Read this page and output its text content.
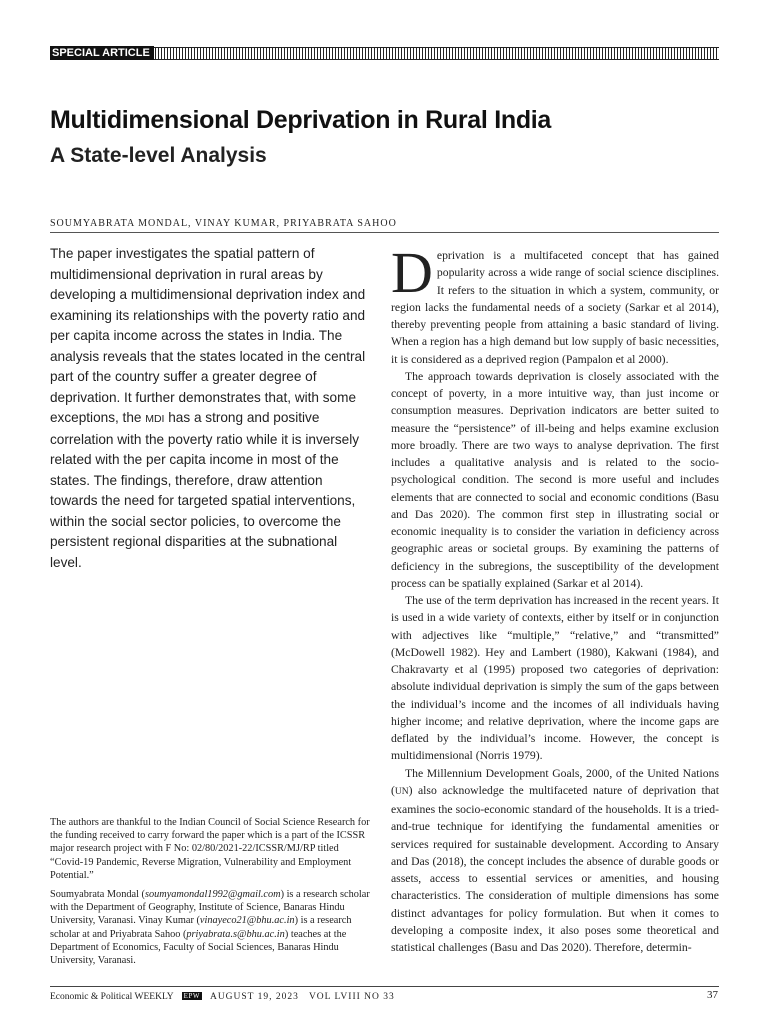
SPECIAL ARTICLE
Multidimensional Deprivation in Rural India
A State-level Analysis
SOUMYABRATA MONDAL, VINAY KUMAR, PRIYABRATA SAHOO

The paper investigates the spatial pattern of multidimensional deprivation in rural areas by developing a multidimensional deprivation index and examining its relationships with the poverty ratio and per capita income across the states in India. The analysis reveals that the states located in the central part of the country suffer a greater degree of deprivation. It further demonstrates that, with some exceptions, the MDI has a strong and positive correlation with the poverty ratio while it is inversely related with the per capita income in most of the states. The findings, therefore, draw attention towards the need for targeted spatial interventions, within the social sector policies, to overcome the persistent regional disparities at the subnational level.

The authors are thankful to the Indian Council of Social Science Research for the funding received to carry forward the paper which is a part of the ICSSR major research project with F No: 02/80/2021-22/ICSSR/MJ/RP titled “Covid-19 Pandemic, Reverse Migration, Vulnerability and Employment Potential.”

Soumyabrata Mondal (soumyamondal1992@gmail.com) is a research scholar with the Department of Geography, Institute of Science, Banaras Hindu University, Varanasi. Vinay Kumar (vinayeco21@bhu.ac.in) is a research scholar at and Priyabrata Sahoo (priyabrata.s@bhu.ac.in) teaches at the Department of Economics, Faculty of Social Sciences, Banaras Hindu University, Varanasi.

Deprivation is a multifaceted concept that has gained popularity across a wide range of social science disciplines. It refers to the situation in which a system, community, or region lacks the fundamental needs of a society (Sarkar et al 2014), thereby preventing people from attaining a basic standard of living. When a region has a high demand but low supply of basic necessities, it is considered as a deprived region (Pampalon et al 2000).

The approach towards deprivation is closely associated with the concept of poverty, in a more intuitive way, than just income or consumption measures. Deprivation indicators are better suited to measure the “persistence” of ill-being and helps examine exclusion more broadly. There are two ways to analyse deprivation. The first includes a qualitative analysis and is related to the socio-psychological condition. The second is more useful and includes elements that are connected to social and economic conditions (Basu and Das 2020). The common first step in illustrating social or economic inequality is to consider the variation in deficiency across geographic areas or societal groups. By examining the patterns of deficiency in the subregions, the susceptibility of the development process can be spatially explained (Sarkar et al 2014).

The use of the term deprivation has increased in the recent years. It is used in a wide variety of contexts, either by itself or in conjunction with adjectives like “multiple,” “relative,” and “transmitted” (McDowell 1982). Hey and Lambert (1980), Kakwani (1984), and Chakravarty et al (1995) proposed two categories of deprivation: absolute individual deprivation is simply the sum of the gaps between the individual’s income and the incomes of all individuals having higher income; and relative deprivation, where the income gaps are deflated by the individual’s income. However, the concept is multidimensional (Norris 1979).

The Millennium Development Goals, 2000, of the United Nations (UN) also acknowledge the multifaceted nature of deprivation that examines the socio-economic standard of the households. It is a tried-and-true technique for identifying the fundamental amenities or services required for sustainable development. According to Ansary and Das (2018), the concept includes the absence of durable goods or assets, access to essential services or amenities, and housing characteristics. The consideration of multiple dimensions has some distinct advantages for policy formulation. But when it comes to developing a composite index, it also poses some theoretical and statistical challenges (Basu and Das 2020). Therefore, determin-

Economic & Political WEEKLY EPW AUGUST 19, 2023 VOL LVIII NO 33	37
